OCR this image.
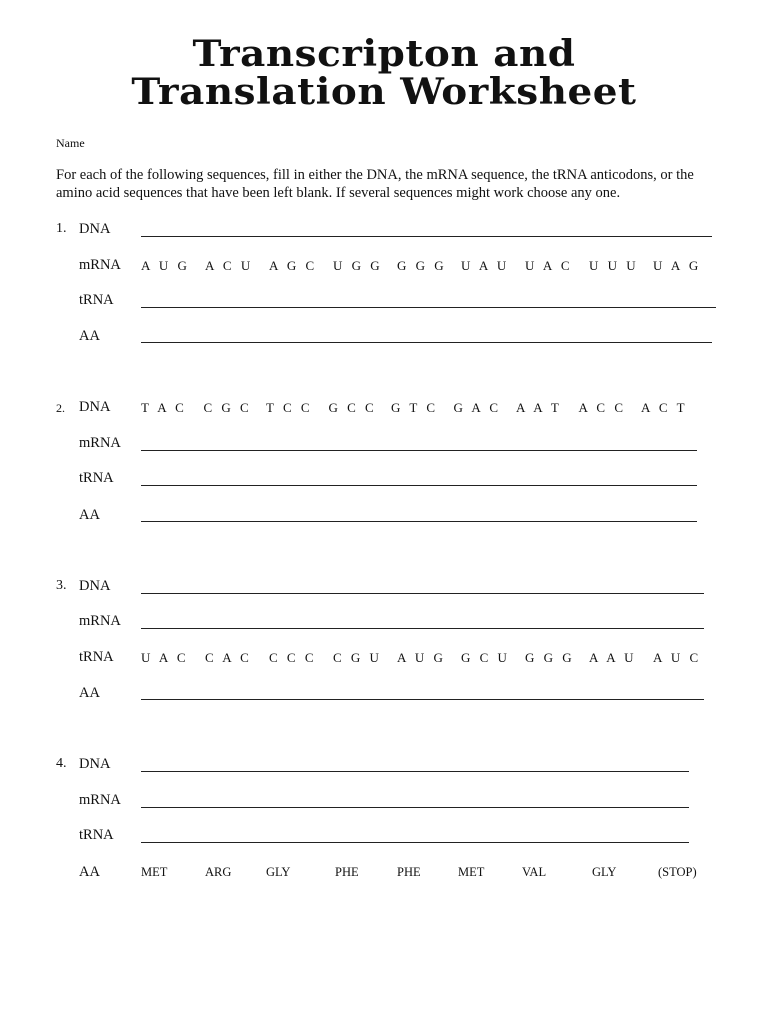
Transcripton and
Translation Worksheet
Name
For each of the following sequences, fill in either the DNA, the mRNA sequence, the tRNA anticodons, or the amino acid sequences that have been left blank. If several sequences might work choose any one.
1. DNA
mRNA A U G A C U A G C U G G G G G U A U U A C U U U U A G
tRNA
AA
2. DNA T A C C G C T C C G C C G T C G A C A A T A C C A C T
mRNA
tRNA
AA
3. DNA
mRNA
tRNA U A C C A C C C C C G U A U G G C U G G G A A U A U C
AA
4. DNA
mRNA
tRNA
AA	MET	ARG	GLY	PHE	PHE	MET	VAL	GLY	(STOP)
